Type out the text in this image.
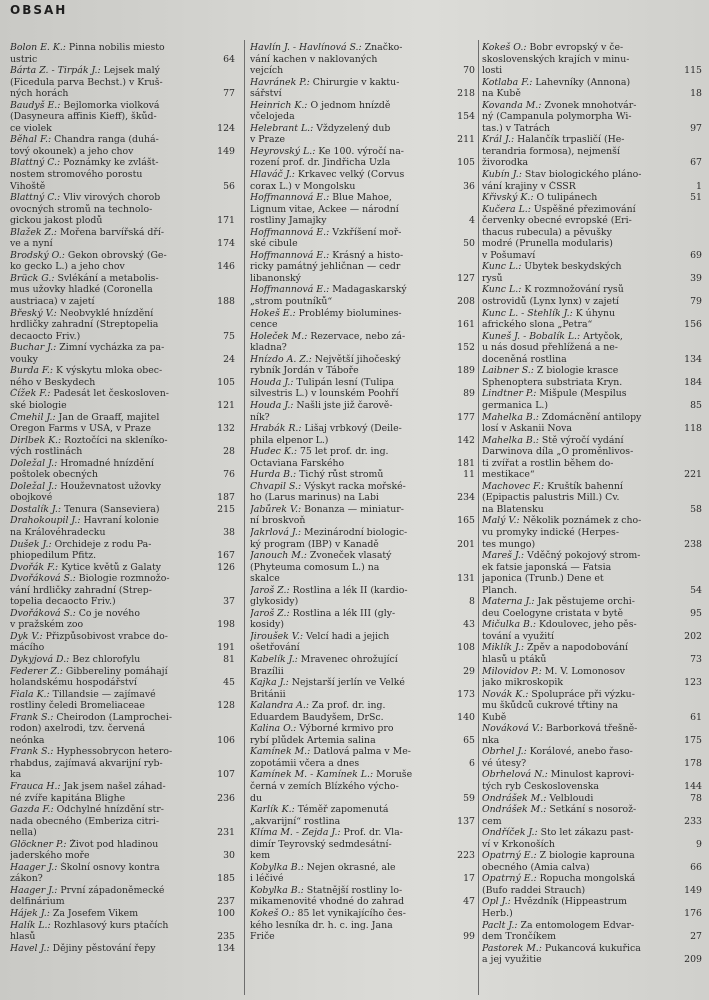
OBSAH
Bolon E. K.: Pinna nobilis miesto
64
ustric
Bárta Z. - Tirpák J.: Lejsek malý
(Ficedula parva Bechst.) v Kruš-
77
ných horách
Baudyš E.: Bejlomorka violková
(Dasyneura affinis Kieff), škůd-
124
ce violek
Běhal F.: Chandra ranga (duhá-
149
tový okounek) a jeho chov
Blattný C.: Poznámky ke zvlášt-
nostem stromového porostu
56
Vihoště
Blattný C.: Vliv virových chorob
ovocných stromů na technolo-
171
gickou jakost plodů
Blažek Z.: Mořena barvířská dří-
174
ve a nyní
Brodský O.: Gekon obrovský (Ge-
146
ko gecko L.) a jeho chov
Brück G.: Svlékání a metabolis-
mus užovky hladké (Coronella
188
austriaca) v zajetí
Břeský V.: Neobvyklé hnízdění
hrdličky zahradní (Streptopelia
75
decaocto Friv.)
Buchar J.: Zimní vycházka za pa-
24
vouky
Burda F.: K výskytu mloka obec-
105
ného v Beskydech
Čížek F.: Padesát let českosloven-
121
ské biologie
Čmehil J.: Jan de Graaff, majitel
132
Oregon Farms v USA, v Praze
Dirlbek K.: Roztočíci na skleníko-
28
vých rostlinách
Doležal J.: Hromadné hnízdění
76
poštolek obecných
Doležal J.: Houževnatost užovky
187
obojkové
215
Dostalík J.: Tenura (Sanseviera)
Drahokoupil J.: Havraní kolonie
38
na Královéhradecku
Dušek J.: Orchideje z rodu Pa-
167
phiopedilum Pfitz.
126
Dvořák F.: Kytice květů z Galaty
Dvořáková S.: Biologie rozmnožo-
vání hrdličky zahradní (Strep-
37
topelia decaocto Friv.)
Dvořáková S.: Co je nového
198
v pražském zoo
Dyk V.: Přizpůsobivost vrabce do-
191
mácího
81
Dykyjová D.: Bez chlorofylu
Federer Z.: Gibbereliny pomáhají
45
holandskému hospodářství
Fiala K.: Tillandsie — zajímavé
128
rostliny čeledi Bromeliaceae
Frank S.: Cheirodon (Lamprochei-
rodon) axelrodi, tzv. červená
106
neónka
Frank S.: Hyphessobrycon hetero-
rhabdus, zajímavá akvarijní ryb-
107
ka
Frauca H.: Jak jsem našel záhad-
236
né zvíře kapitána Blighe
Gazda F.: Odchylné hnízdění str-
nada obecného (Emberiza citri-
231
nella)
Glöckner P.: Život pod hladinou
30
jaderského moře
Haager J.: Školní osnovy kontra
185
zákon?
Haager J.: První západoněmecké
237
delfinárium
100
Hájek J.: Za Josefem Vikem
Halík L.: Rozhlasový kurs ptačích
235
hlasů
134
Havel J.: Dějiny pěstování řepy
Havlín J. - Havlínová S.: Značko-
vání kachen v naklovaných
70
vejcích
Havránek P.: Chirurgie v kaktu-
218
sářství
Heinrich K.: O jednom hnízdě
154
včelojeda
Helebrant L.: Vždyzelený dub
211
v Praze
Heyrovský L.: Ke 100. výročí na-
105
rození prof. dr. Jindřicha Uzla
Hlaváč J.: Krkavec velký (Corvus
36
corax L.) v Mongolsku
Hoffmannová E.: Blue Mahoe,
Lignum vitae, Ackee — národní
4
rostliny Jamajky
Hoffmannová E.: Vzkříšení moř-
50
ské cibule
Hoffmannová E.: Krásný a histo-
ricky památný jehličnan — cedr
127
libanonský
Hoffmannová E.: Madagaskarský
208
„strom poutníků“
Hokeš E.: Problémy biolumines-
161
cence
Holeček M.: Rezervace, nebo zá-
152
kladna?
Hnízdo A. Z.: Největší jihočeský
189
rybník Jordán v Táboře
Houda J.: Tulipán lesní (Tulipa
89
silvestris L.) v lounském Poohří
Houda J.: Našli jste již čarově-
177
ník?
Hrabák R.: Lišaj vrbkový (Deile-
142
phila elpenor L.)
Hudec K.: 75 let prof. dr. ing.
181
Octaviana Farského
11
Hurda B.: Tichý růst stromů
Chvapil S.: Výskyt racka mořské-
234
ho (Larus marinus) na Labi
Jabůrek V.: Bonanza — miniatur-
165
ní broskvoň
Jakrlová J.: Mezinárodní biologic-
201
ký program (IBP) v Kanadě
Janouch M.: Zvoneček vlasatý
(Phyteuma comosum L.) na
131
skalce
Jaroš Z.: Rostlina a lék II (kardio-
8
glykosidy)
Jaroš Z.: Rostlina a lék III (gly-
43
kosidy)
Jiroušek V.: Velcí hadi a jejich
108
ošetřování
Kabelík J.: Mravenec ohrožující
29
Brazílii
Kajka J.: Nejstarší jerlín ve Velké
173
Británii
Kalandra A.: Za prof. dr. ing.
140
Eduardem Baudyšem, DrSc.
Kalina O.: Výborné krmivo pro
65
rybí plůdek Artemia salina
Kamínek M.: Datlová palma v Me-
6
zopotámii včera a dnes
Kamínek M. - Kamínek L.: Moruše
černá v zemích Blízkého výcho-
59
du
Karlík K.: Téměř zapomenutá
137
„akvarijní“ rostlina
Klíma M. - Zejda J.: Prof. dr. Vla-
dimír Teyrovský sedmdesátní-
223
kem
Kobylka B.: Nejen okrasné, ale
17
i léčivé
Kobylka B.: Statnější rostliny lo-
47
mikamenovité vhodné do zahrad
Kokeš O.: 85 let vynikajícího čes-
kého lesníka dr. h. c. ing. Jana
99
Friče
Kokeš O.: Bobr evropský v če-
skoslovenských krajích v minu-
115
losti
Kotlaba F.: Lahevníky (Annona)
18
na Kubě
Kovanda M.: Zvonek mnohotvár-
ný (Campanula polymorpha Wi-
97
tas.) v Tatrách
Král J.: Halančík trpasličí (He-
terandria formosa), nejmenší
67
živorodka
Kubín J.: Stav biologického pláno-
1
vání krajiny v ČSSR
51
Křivský K.: O tulipánech
Kučera L.: Úspěšné přezimování
červenky obecné evropské (Eri-
thacus rubecula) a pěvušky
modré (Prunella modularis)
69
v Pošumaví
Kunc L.: Úbytek beskydských
39
rysů
Kunc L.: K rozmnožování rysů
79
ostrovidů (Lynx lynx) v zajetí
Kunc L. - Stehlík J.: K úhynu
156
afrického slona „Petra“
Kuneš J. - Bobalík L.: Artyčok,
u nás dosud přehlížená a ne-
134
doceněná rostlina
Laibner S.: Z biologie krasce
184
Sphenoptera substriata Kryn.
Lindtner P.: Mišpule (Mespilus
85
germanica L.)
Mahelka B.: Zdomácnění antilopy
118
losí v Askanii Nova
Mahelka B.: Stě výročí vydání
Darwinova díla „O proměnlivos-
ti zvířat a rostlin během do-
221
mestikace“
Machovec F.: Kruštík bahenní
(Epipactis palustris Mill.) Cv.
58
na Blatensku
Malý V.: Několik poznámek z cho-
vu promyky indické (Herpes-
238
tes mungo)
Mareš J.: Vděčný pokojový strom-
ek fatsie japonská — Fatsia
japonica (Trunb.) Dene et
54
Planch.
Materna J.: Jak pěstujeme orchi-
95
deu Coelogyne cristata v bytě
Mičulka B.: Kdoulovec, jeho pěs-
202
tování a využití
Miklík J.: Zpěv a napodobování
73
hlasů u ptáků
Milovidov P.: M. V. Lomonosov
123
jako mikroskopik
Novák K.: Spolupráce při výzku-
mu škůdců cukrové třtiny na
61
Kubě
Nováková V.: Barborková třešně-
175
nka
Obrhel J.: Korálové, anebo řaso-
178
vé útesy?
Obrhelová N.: Minulost kaprovi-
144
tých ryb Československa
78
Ondrášek M.: Velbloudi
Ondrášek M.: Setkání s nosorož-
233
cem
Ondříček J.: Sto let zákazu past-
9
ví v Krkonoších
Opatrný E.: Z biologie kaprouna
66
obecného (Amia calva)
Opatrný E.: Ropucha mongolská
149
(Bufo raddei Strauch)
Opl J.: Hvězdník (Hippeastrum
176
Herb.)
Paclt J.: Za entomologem Edvar-
27
dem Trončíkem
Pastorek M.: Pukancová kukuřica
209
a jej využitie
